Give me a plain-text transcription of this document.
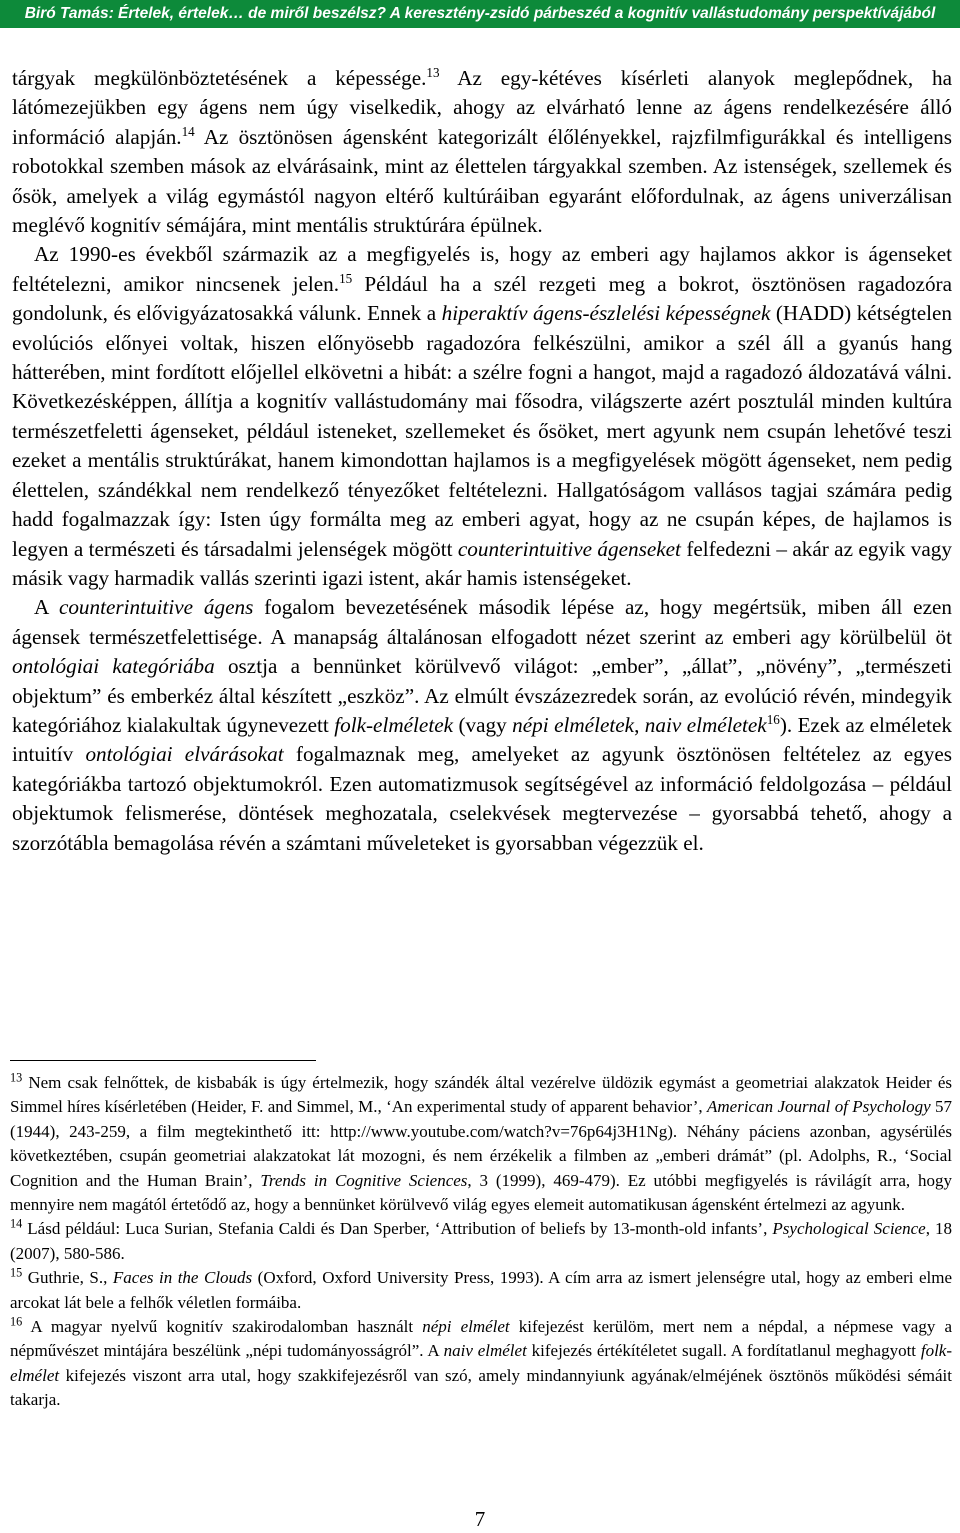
Biró Tamás: Értelek, értelek… de miről beszélsz? A keresztény-zsidó párbeszéd a kognitív vallástudomány perspektívájából

tárgyak megkülönböztetésének a képessége.$^{13}$ Az egy-kétéves kísérleti alanyok meglepődnek, ha látómezejükben egy ágens nem úgy viselkedik, ahogy az elvárható lenne az ágens rendelkezésére álló információ alapján.$^{14}$ Az ösztönösen ágensként kategorizált élőlényekkel, rajzfilmfigurákkal és intelligens robotokkal szemben mások az elvárásaink, mint az élettelen tárgyakkal szemben. Az istenségek, szellemek és ősök, amelyek a világ egymástól nagyon eltérő kultúráiban egyaránt előfordulnak, az ágens univerzálisan meglévő kognitív sémájára, mint mentális struktúrára épülnek.

Az 1990-es évekből származik az a megfigyelés is, hogy az emberi agy hajlamos akkor is ágenseket feltételezni, amikor nincsenek jelen.$^{15}$ Például ha a szél rezgeti meg a bokrot, ösztönösen ragadozóra gondolunk, és elővigyázatosakká válunk. Ennek a hiperaktív ágens-észlelési képességnek (HADD) kétségtelen evolúciós előnyei voltak, hiszen előnyösebb ragadozóra felkészülni, amikor a szél áll a gyanús hang hátterében, mint fordított előjellel elkövetni a hibát: a szélre fogni a hangot, majd a ragadozó áldozatává válni. Következésképpen, állítja a kognitív vallástudomány mai fősodra, világszerte azért posztulál minden kultúra természetfeletti ágenseket, például isteneket, szellemeket és ősöket, mert agyunk nem csupán lehetővé teszi ezeket a mentális struktúrákat, hanem kimondottan hajlamos is a megfigyelések mögött ágenseket, nem pedig élettelen, szándékkal nem rendelkező tényezőket feltételezni. Hallgatóságom vallásos tagjai számára pedig hadd fogalmazzak így: Isten úgy formálta meg az emberi agyat, hogy az ne csupán képes, de hajlamos is legyen a természeti és társadalmi jelenségek mögött counterintuitive ágenseket felfedezni – akár az egyik vagy másik vagy harmadik vallás szerinti igazi istent, akár hamis istenségeket.

A counterintuitive ágens fogalom bevezetésének második lépése az, hogy megértsük, miben áll ezen ágensek természetfelettisége. A manapság általánosan elfogadott nézet szerint az emberi agy körülbelül öt ontológiai kategóriába osztja a bennünket körülvevő világot: „ember”, „állat”, „növény”, „természeti objektum” és emberkéz által készített „eszköz”. Az elmúlt évszázezredek során, az evolúció révén, mindegyik kategóriához kialakultak úgynevezett folk-elméletek (vagy népi elméletek, naiv elméletek$^{16}$). Ezek az elméletek intuitív ontológiai elvárásokat fogalmaznak meg, amelyeket az agyunk ösztönösen feltételez az egyes kategóriákba tartozó objektumokról. Ezen automatizmusok segítségével az információ feldolgozása – például objektumok felismerése, döntések meghozatala, cselekvések megtervezése – gyorsabbá tehető, ahogy a szorzótábla bemagolása révén a számtani műveleteket is gyorsabban végezzük el.

$^{13}$ Nem csak felnőttek, de kisbabák is úgy értelmezik, hogy szándék által vezérelve üldözik egymást a geometriai alakzatok Heider és Simmel híres kísérletében (Heider, F. and Simmel, M., ‘An experimental study of apparent behavior’, American Journal of Psychology 57 (1944), 243-259, a film megtekinthető itt: http://www.youtube.com/watch?v=76p64j3H1Ng). Néhány páciens azonban, agysérülés következtében, csupán geometriai alakzatokat lát mozogni, és nem érzékelik a filmben az „emberi drámát” (pl. Adolphs, R., ‘Social Cognition and the Human Brain’, Trends in Cognitive Sciences, 3 (1999), 469-479). Ez utóbbi megfigyelés is rávilágít arra, hogy mennyire nem magától értetődő az, hogy a bennünket körülvevő világ egyes elemeit automatikusan ágensként értelmezi az agyunk.

$^{14}$ Lásd például: Luca Surian, Stefania Caldi és Dan Sperber, ‘Attribution of beliefs by 13-month-old infants’, Psychological Science, 18 (2007), 580-586.

$^{15}$ Guthrie, S., Faces in the Clouds (Oxford, Oxford University Press, 1993). A cím arra az ismert jelenségre utal, hogy az emberi elme arcokat lát bele a felhők véletlen formáiba.

$^{16}$ A magyar nyelvű kognitív szakirodalomban használt népi elmélet kifejezést kerülöm, mert nem a népdal, a népmese vagy a népművészet mintájára beszélünk „népi tudományosságról”. A naiv elmélet kifejezés értékítéletet sugall. A fordítatlanul meghagyott folk-elmélet kifejezés viszont arra utal, hogy szakkifejezésről van szó, amely mindannyiunk agyának/elméjének ösztönös működési sémáit takarja.

7
